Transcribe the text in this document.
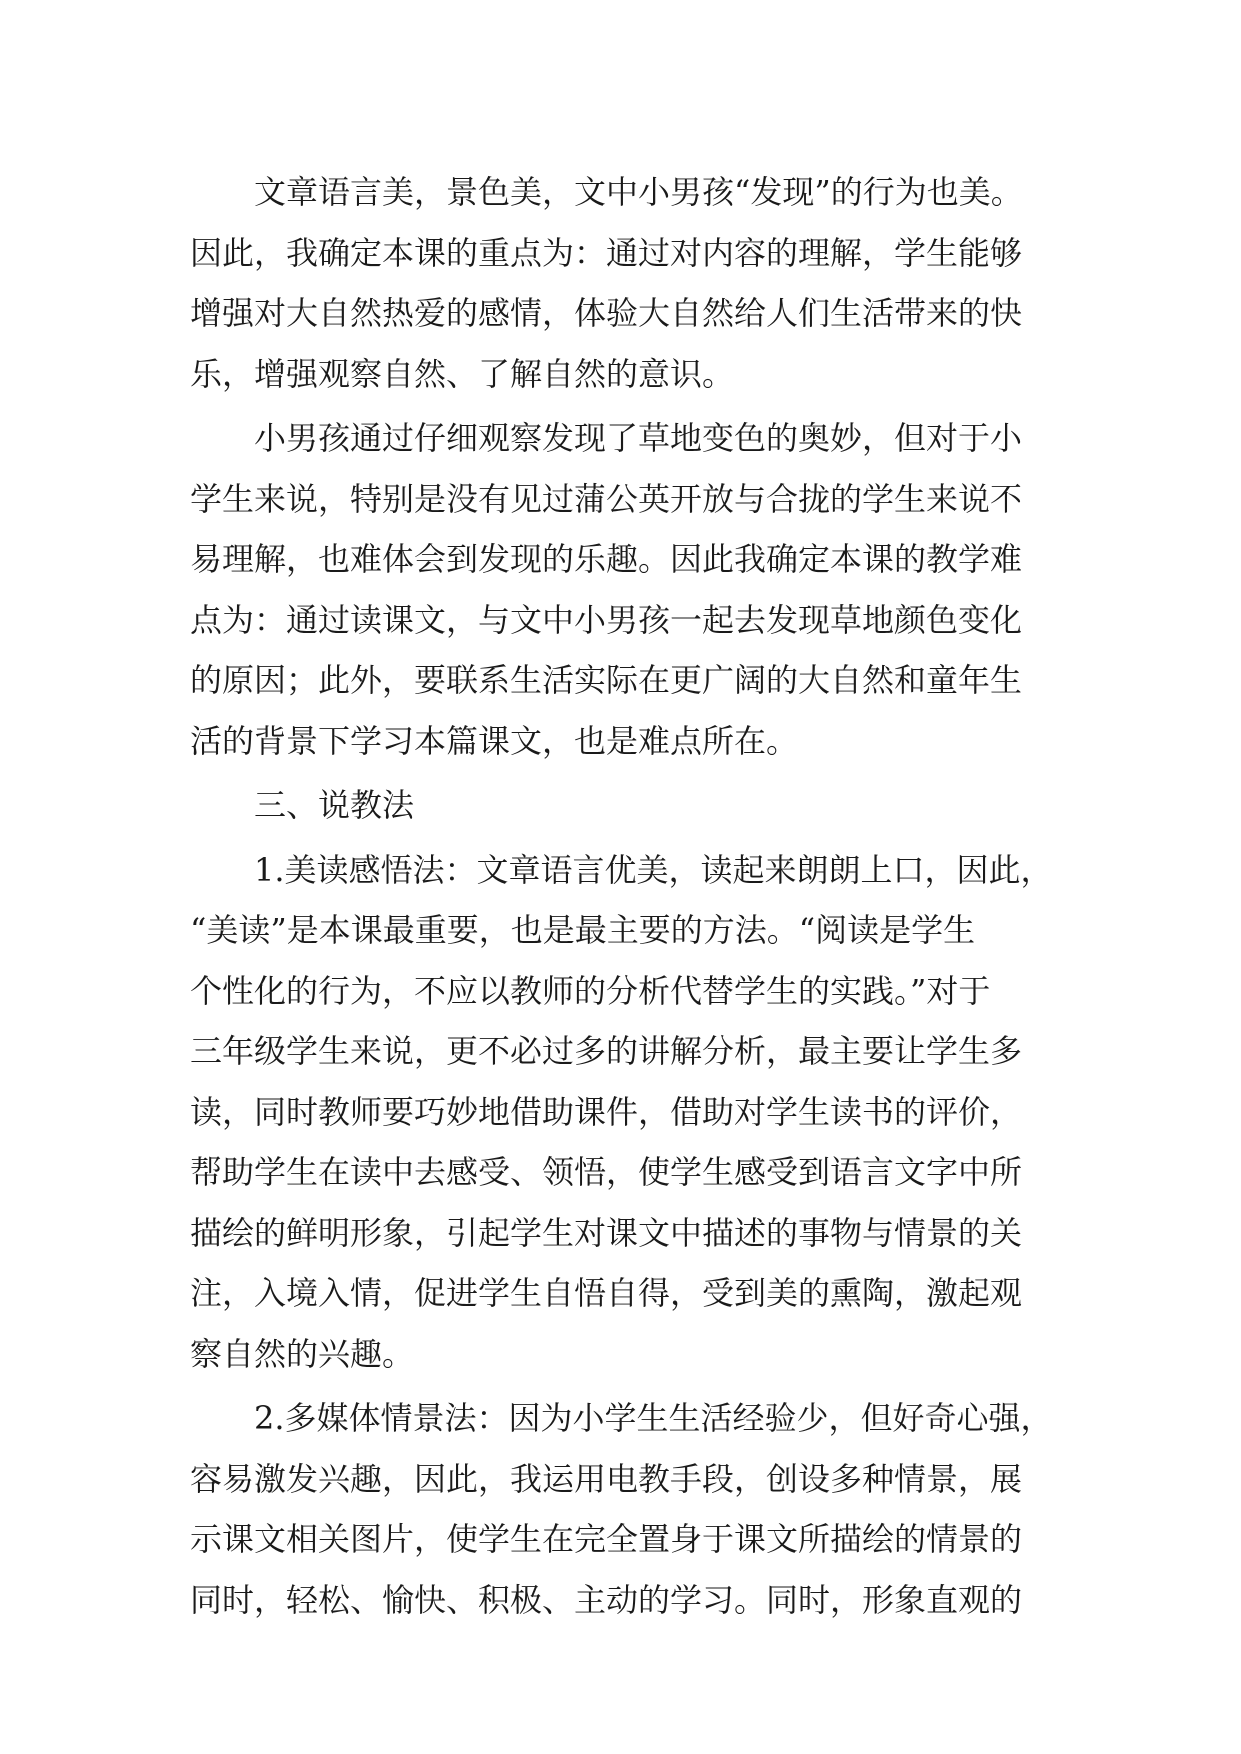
文章语言美，景色美，文中小男孩“发现”的行为也美。
因此，我确定本课的重点为：通过对内容的理解，学生能够
增强对大自然热爱的感情，体验大自然给人们生活带来的快
乐，增强观察自然、了解自然的意识。
小男孩通过仔细观察发现了草地变色的奥妙，但对于小
学生来说，特别是没有见过蒲公英开放与合拢的学生来说不
易理解，也难体会到发现的乐趣。因此我确定本课的教学难
点为：通过读课文，与文中小男孩一起去发现草地颜色变化
的原因；此外，要联系生活实际在更广阔的大自然和童年生
活的背景下学习本篇课文，也是难点所在。
三、说教法
1.美读感悟法：文章语言优美，读起来朗朗上口，因此，
“美读”是本课最重要，也是最主要的方法。“阅读是学生
个性化的行为，不应以教师的分析代替学生的实践。”对于
三年级学生来说，更不必过多的讲解分析，最主要让学生多
读，同时教师要巧妙地借助课件，借助对学生读书的评价，
帮助学生在读中去感受、领悟，使学生感受到语言文字中所
描绘的鲜明形象，引起学生对课文中描述的事物与情景的关
注，入境入情，促进学生自悟自得，受到美的熏陶，激起观
察自然的兴趣。
2.多媒体情景法：因为小学生生活经验少，但好奇心强，
容易激发兴趣，因此，我运用电教手段，创设多种情景，展
示课文相关图片，使学生在完全置身于课文所描绘的情景的
同时，轻松、愉快、积极、主动的学习。同时，形象直观的
